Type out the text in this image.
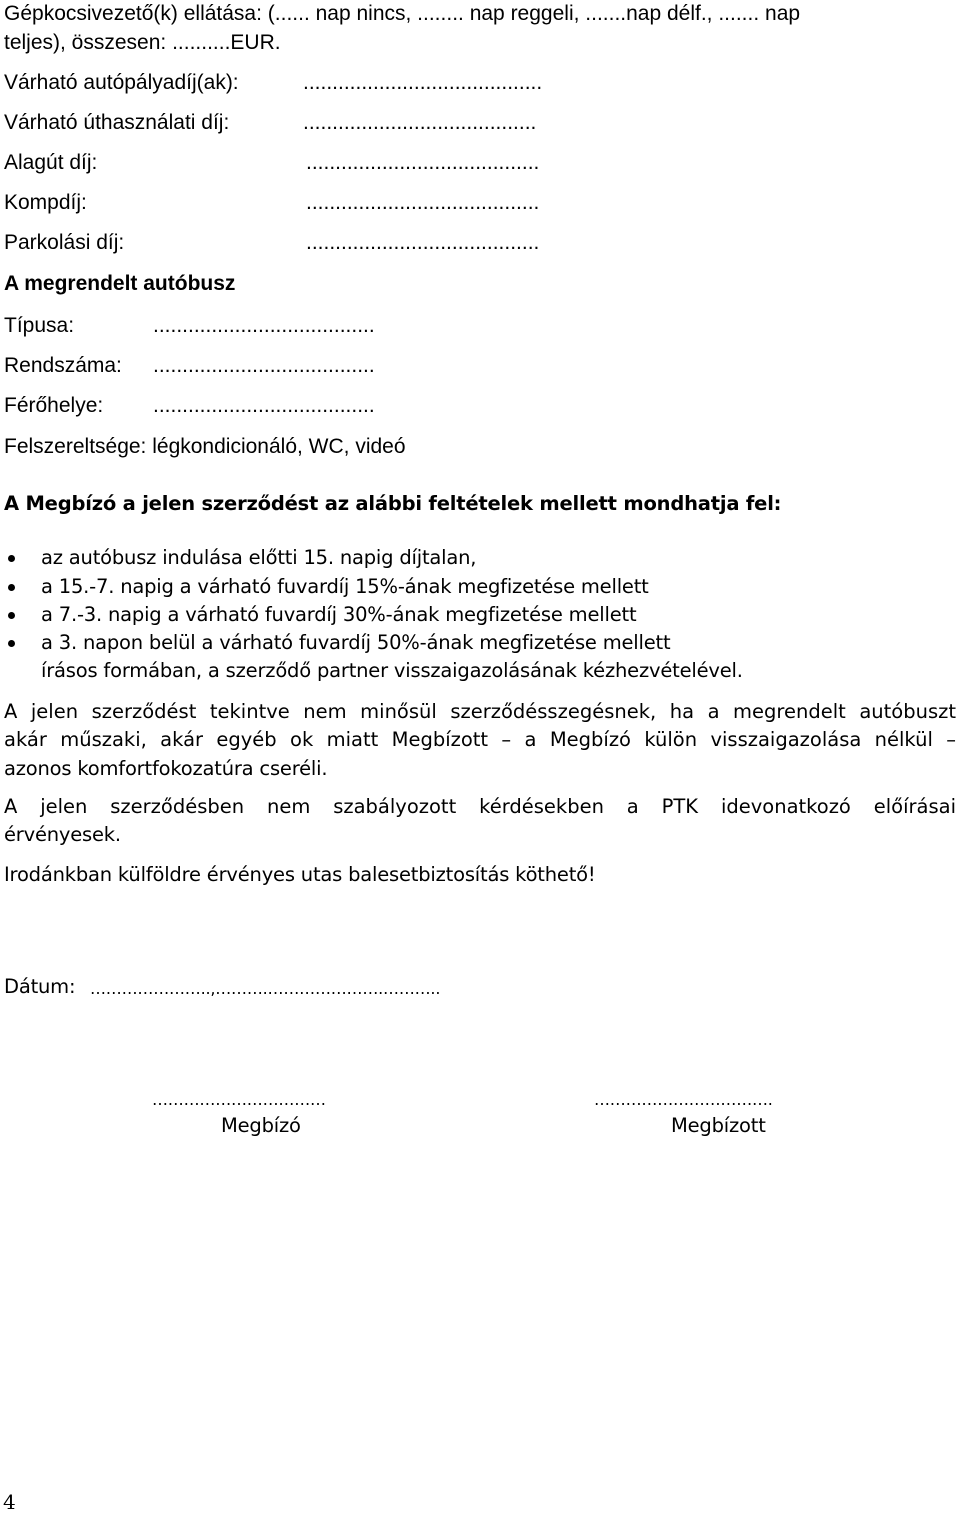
Gépkocsivezető(k) ellátása: (...... nap nincs, ........ nap reggeli, .......nap délf., ....... nap
teljes), összesen: ..........EUR.
Várható autópályadíj(ak):	.........................................
Várható úthasználati díj:	........................................
Alagút díj:	........................................
Kompdíj:	........................................
Parkolási díj:	........................................
A megrendelt autóbusz
Típusa:	......................................
Rendszáma: ......................................
Férőhelye: ......................................
Felszereltsége: légkondicionáló, WC, videó
A Megbízó a jelen szerződést az alábbi feltételek mellett mondhatja fel:
az autóbusz indulása előtti 15. napig díjtalan,
a 15.-7. napig a várható fuvardíj 15%-ának megfizetése mellett
a 7.-3. napig a várható fuvardíj 30%-ának megfizetése mellett
a 3. napon belül a várható fuvardíj 50%-ának megfizetése mellett
írásos formában, a szerződő partner visszaigazolásának kézhezvételével.
A jelen szerződést tekintve nem minősül szerződésszegésnek, ha a megrendelt autóbuszt
akár műszaki, akár egyéb ok miatt Megbízott – a Megbízó külön visszaigazolása nélkül –
azonos komfortfokozatúra cseréli.
A jelen szerződésben nem szabályozott kérdésekben a PTK idevonatkozó előírásai
érvényesek.
Irodánkban külföldre érvényes utas balesetbiztosítás köthető!
Dátum: …………………..,……….………………….………..
……………………………
Megbízó
…………………………….
Megbízott
4
